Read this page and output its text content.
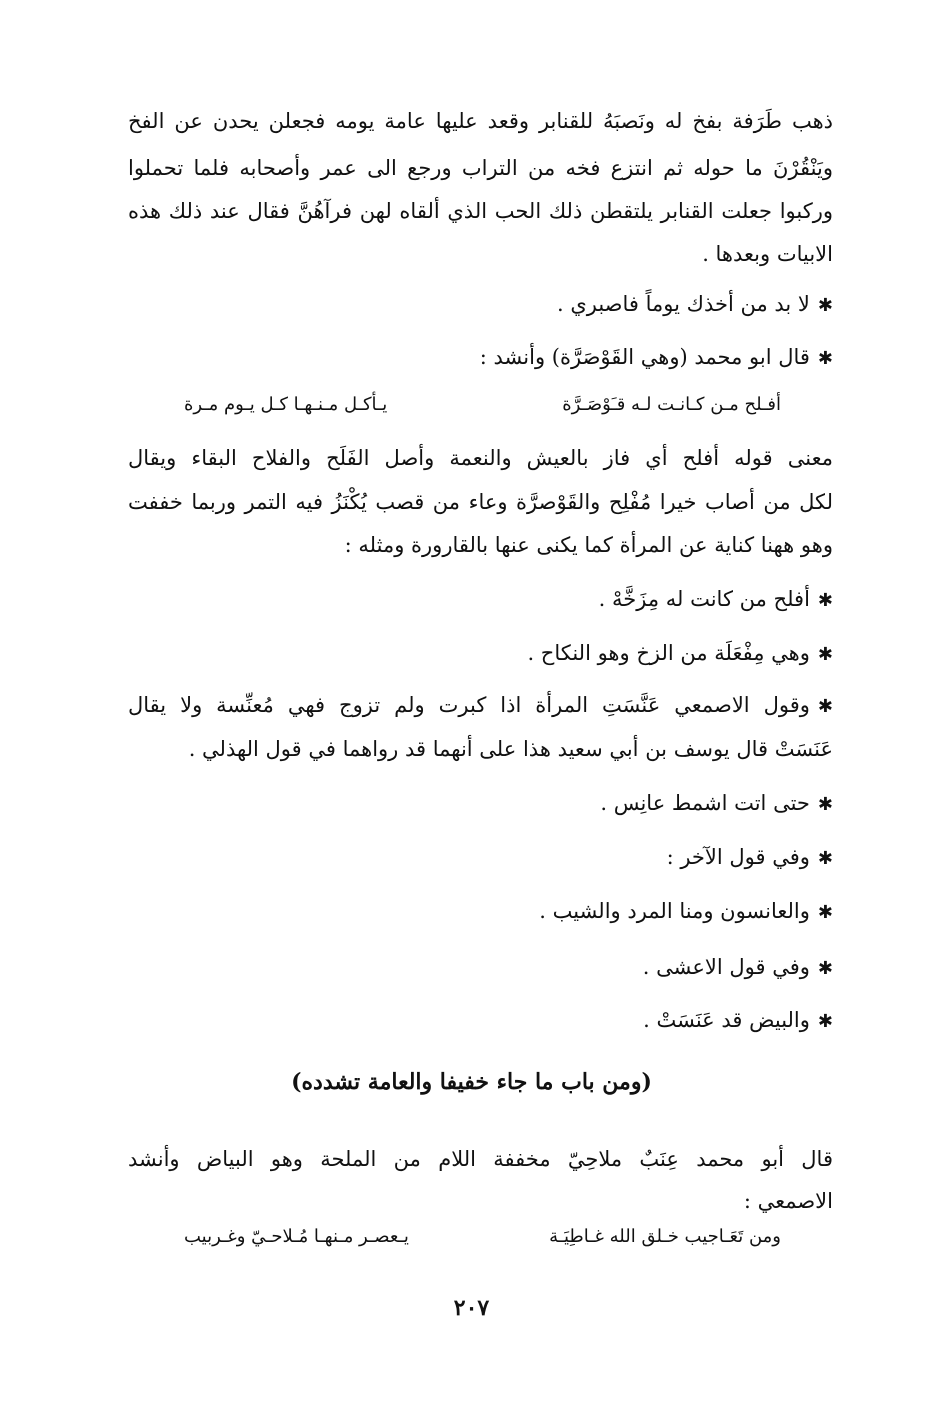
ذهب طَرَفة بفخ له ونَصبَهُ للقنابر وقعد عليها عامة يومه فجعلن يحدن عن الفخ
ويَنْقُرْنَ ما حوله ثم انتزع فخه من التراب ورجع الى عمر وأصحابه فلما تحملوا
وركبوا جعلت القنابر يلتقطن ذلك الحب الذي ألقاه لهن فرآهُنَّ فقال عند ذلك هذه
الابيات وبعدها .
✱لا بد من أخذك يوماً فاصبري .
✱قال ابو محمد (وهي القَوْصَرَّة) وأنشد :
أفـلح مـن كـانـت لـه قـَوْصَـرَّة
يـأكـل مـنـهـا كـل يـوم مـرة
معنى قوله أفلح أي فاز بالعيش والنعمة وأصل الفَلَح والفلاح البقاء ويقال
لكل من أصاب خيرا مُفْلِح والقَوْصرَّة وعاء من قصب يُكْنَزُ فيه التمر وربما خففت
وهو ههنا كناية عن المرأة كما يكنى عنها بالقارورة ومثله :
✱أفلح من كانت له مِزَخَّهْ .
✱وهي مِفْعَلَة من الزخ وهو النكاح .
✱وقول الاصمعي عَنَّسَتِ المرأة اذا كبرت ولم تزوج فهي مُعنِّسة ولا يقال
عَنَسَتْ قال يوسف بن أبي سعيد هذا على أنهما قد رواهما في قول الهذلي .
✱حتى اتت اشمط عانِس .
✱وفي قول الآخر :
✱والعانسون ومنا المرد والشيب .
✱وفي قول الاعشى .
✱والبيض قد عَنَسَتْ .
(ومن باب ما جاء خفيفا والعامة تشدده)
قال أبو محمد عِنَبٌ ملاحِيّ مخففة اللام من الملحة وهو البياض وأنشد
الاصمعي :
ومن تَعَـاجيب خـلق الله غـاطِيَـة
يـعصـر مـنهـا مُـلاحـيّ وغـربيب
٢٠٧
